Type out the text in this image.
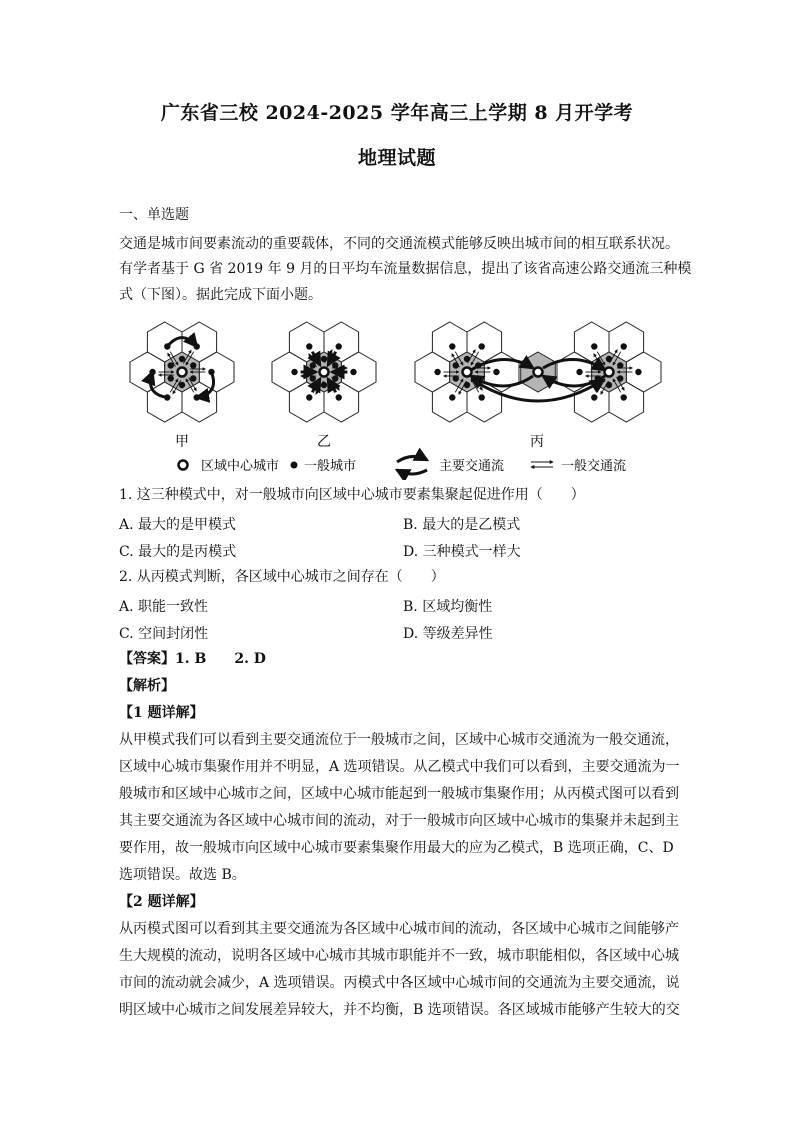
广东省三校 2024-2025 学年高三上学期 8 月开学考
地理试题
一、单选题
交通是城市间要素流动的重要载体，不同的交通流模式能够反映出城市间的相互联系状况。
有学者基于 G 省 2019 年 9 月的日平均车流量数据信息，提出了该省高速公路交通流三种模
式（下图）。据此完成下面小题。
甲	乙	丙
区域中心城市 一般城市	主要交通流	一般交通流
1. 这三种模式中，对一般城市向区域中心城市要素集聚起促进作用（　　）
A. 最大的是甲模式	B. 最大的是乙模式
C. 最大的是丙模式	D. 三种模式一样大
2. 从丙模式判断，各区域中心城市之间存在（　　）
A. 职能一致性	B. 区域均衡性
C. 空间封闭性	D. 等级差异性
【答案】1. B　　2. D
【解析】
【1 题详解】
从甲模式我们可以看到主要交通流位于一般城市之间，区域中心城市交通流为一般交通流，
区域中心城市集聚作用并不明显，A 选项错误。从乙模式中我们可以看到，主要交通流为一
般城市和区域中心城市之间，区域中心城市能起到一般城市集聚作用；从丙模式图可以看到
其主要交通流为各区域中心城市间的流动，对于一般城市向区域中心城市的集聚并未起到主
要作用，故一般城市向区域中心城市要素集聚作用最大的应为乙模式，B 选项正确，C、D
选项错误。故选 B。
【2 题详解】
从丙模式图可以看到其主要交通流为各区域中心城市间的流动，各区域中心城市之间能够产
生大规模的流动，说明各区域中心城市其城市职能并不一致，城市职能相似，各区域中心城
市间的流动就会减少，A 选项错误。丙模式中各区域中心城市间的交通流为主要交通流，说
明区域中心城市之间发展差异较大，并不均衡，B 选项错误。各区域城市能够产生较大的交
